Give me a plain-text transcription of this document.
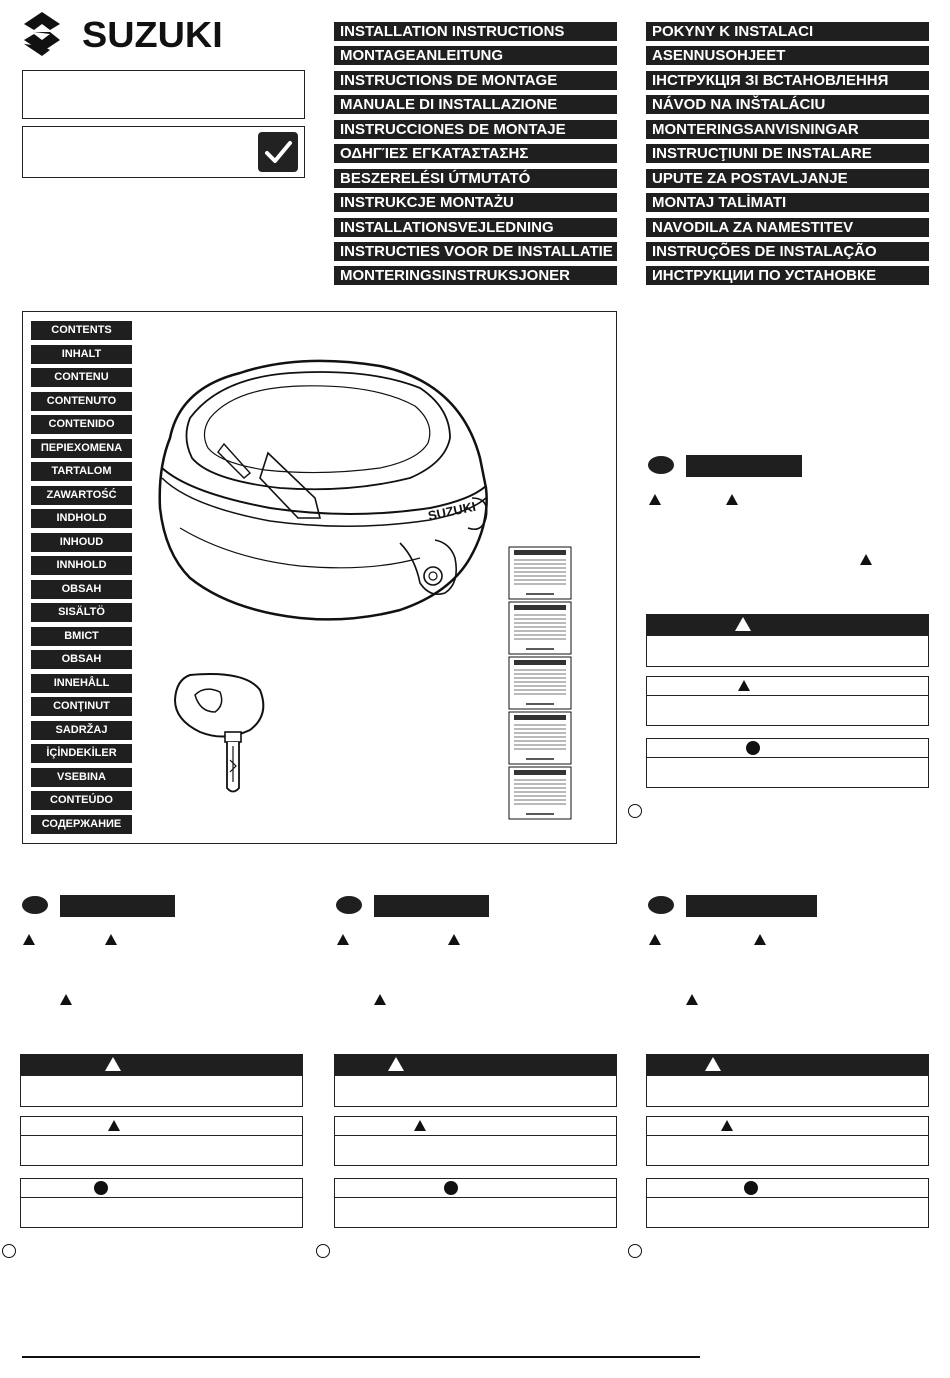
SUZUKI	INSTALLATION INSTRUCTIONS
MONTAGEANLEITUNG
INSTRUCTIONS DE MONTAGE
MANUALE DI INSTALLAZIONE
INSTRUCCIONES DE MONTAJE
ΟΔΗΓΊΕΣ ΕΓΚΑΤΆΣΤΑΣΗΣ
BESZERELÉSI ÚTMUTATÓ
INSTRUKCJE MONTAŻU
INSTALLATIONSVEJLEDNING
INSTRUCTIES VOOR DE INSTALLATIE
MONTERINGSINSTRUKSJONER
POKYNY K INSTALACI
ASENNUSOHJEET
ІНСТРУКЦІЯ ЗІ ВСТАНОВЛЕННЯ
NÁVOD NA INŠTALÁCIU
MONTERINGSANVISNINGAR
INSTRUCŢIUNI DE INSTALARE
UPUTE ZA POSTAVLJANJE
MONTAJ TALİMATI
NAVODILA ZA NAMESTITEV
INSTRUÇÕES DE INSTALAÇÃO
ИНСТРУКЦИИ ПО УСТАНОВКЕ
CONTENTS
INHALT
CONTENU
CONTENUTO
CONTENIDO
ΠΕΡΙΕΧΟΜΕΝΑ
TARTALOM
ZAWARTOŚĆ
INDHOLD
INHOUD
INNHOLD
OBSAH
SISÄLTÖ
ВМІСТ
OBSAH
INNEHÅLL
CONŢINUT
SADRŽAJ
İÇİNDEKİLER
VSEBINA
CONTEÚDO
СОДЕРЖАНИЕ
SUZUKI
